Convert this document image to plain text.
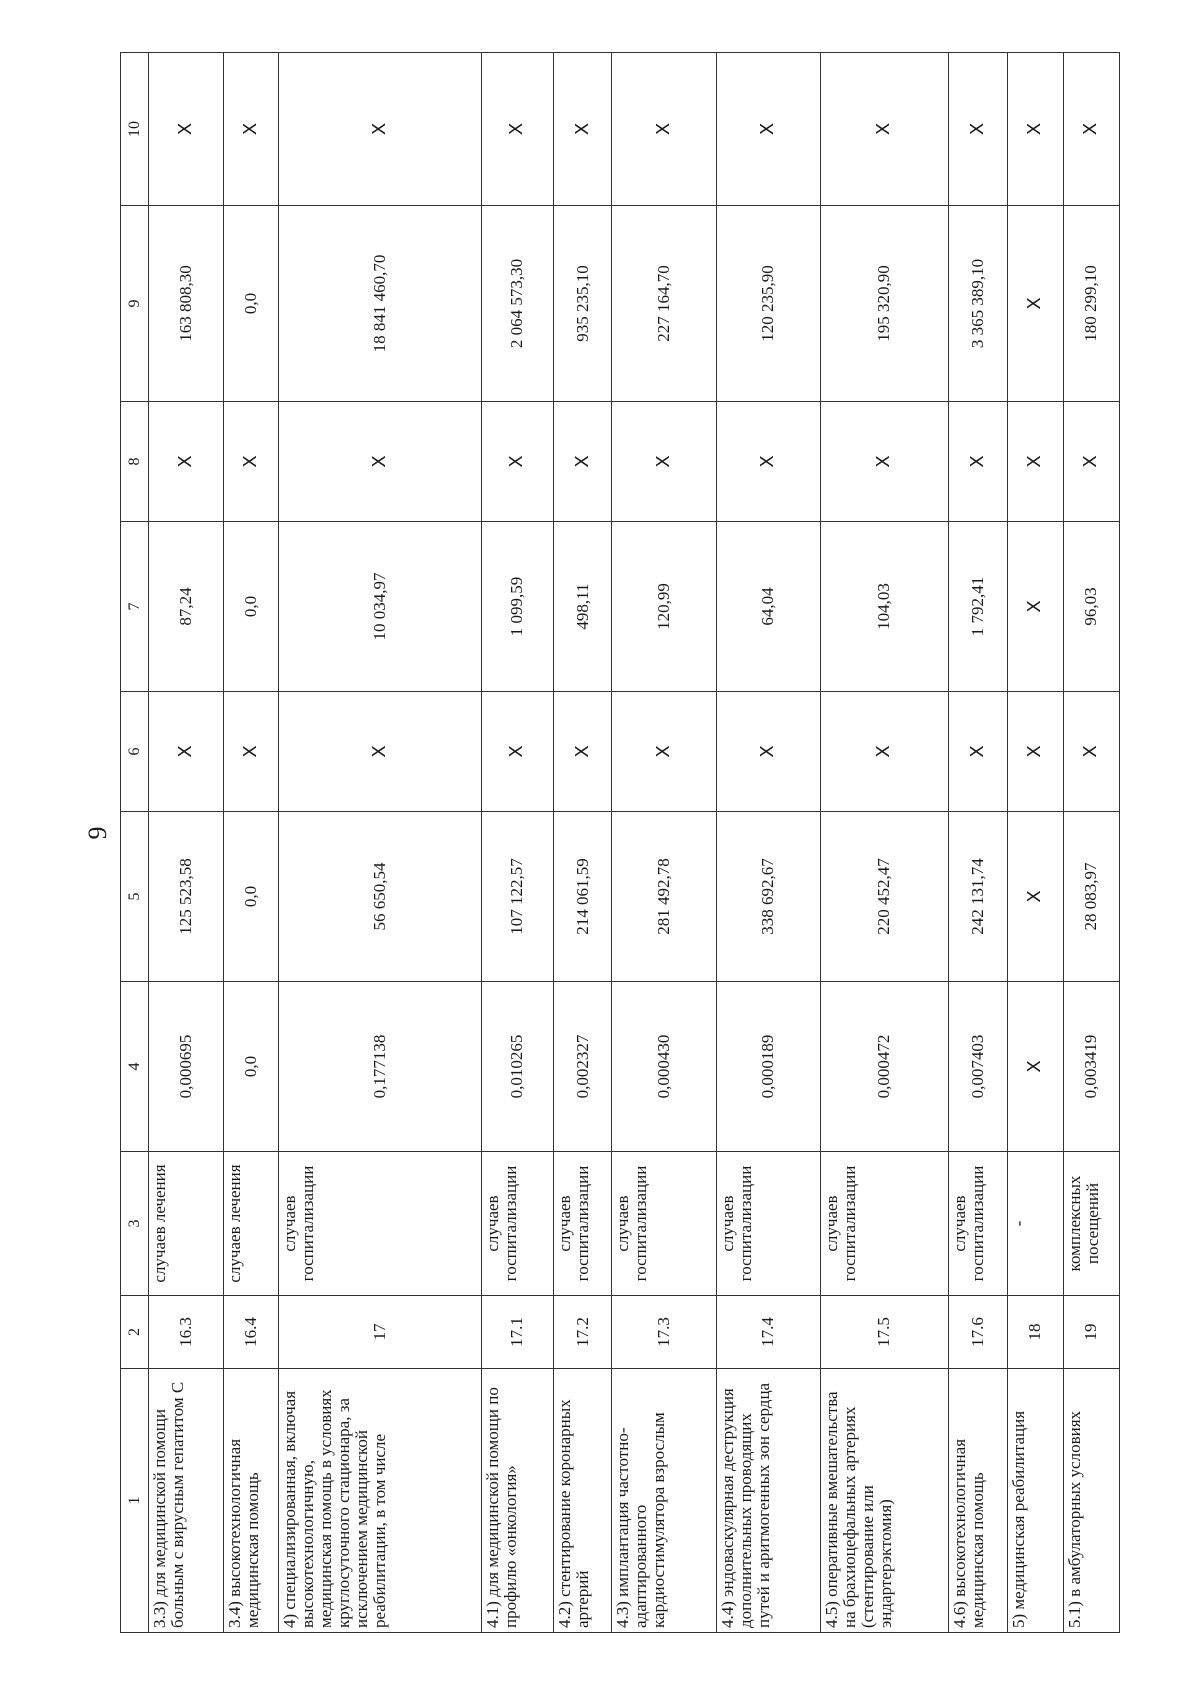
9
1	2	3	4	5	6	7	8	9	10
3.3) для медицинской помощи больным с вирусным гепатитом С	16.3	случаев лечения	0,000695	125 523,58	X	87,24	X	163 808,30	X
3.4) высокотехнологичная медицинская помощь	16.4	случаев лечения	0,0	0,0	X	0,0	X	0,0	X
4) специализированная, включая высокотехнологичную, медицинская помощь в условиях круглосуточного стационара, за исключением медицинской реабилитации, в том числе	17	случаев госпитализации	0,177138	56 650,54	X	10 034,97	X	18 841 460,70	X
4.1) для медицинской помощи по профилю «онкология»	17.1	случаев госпитализации	0,010265	107 122,57	X	1 099,59	X	2 064 573,30	X
4.2) стентирование коронарных артерий	17.2	случаев госпитализации	0,002327	214 061,59	X	498,11	X	935 235,10	X
4.3) имплантация частотно-адаптированного кардиостимулятора взрослым	17.3	случаев госпитализации	0,000430	281 492,78	X	120,99	X	227 164,70	X
4.4) эндоваскулярная деструкция дополнительных проводящих путей и аритмогенных зон сердца	17.4	случаев госпитализации	0,000189	338 692,67	X	64,04	X	120 235,90	X
4.5) оперативные вмешательства на брахиоцефальных артериях (стентирование или эндартерэктомия)	17.5	случаев госпитализации	0,000472	220 452,47	X	104,03	X	195 320,90	X
4.6) высокотехнологичная медицинская помощь	17.6	случаев госпитализации	0,007403	242 131,74	X	1 792,41	X	3 365 389,10	X
5) медицинская реабилитация	18	-	X	X	X	X	X	X	X
5.1) в амбулаторных условиях	19	комплексных посещений	0,003419	28 083,97	X	96,03	X	180 299,10	X
